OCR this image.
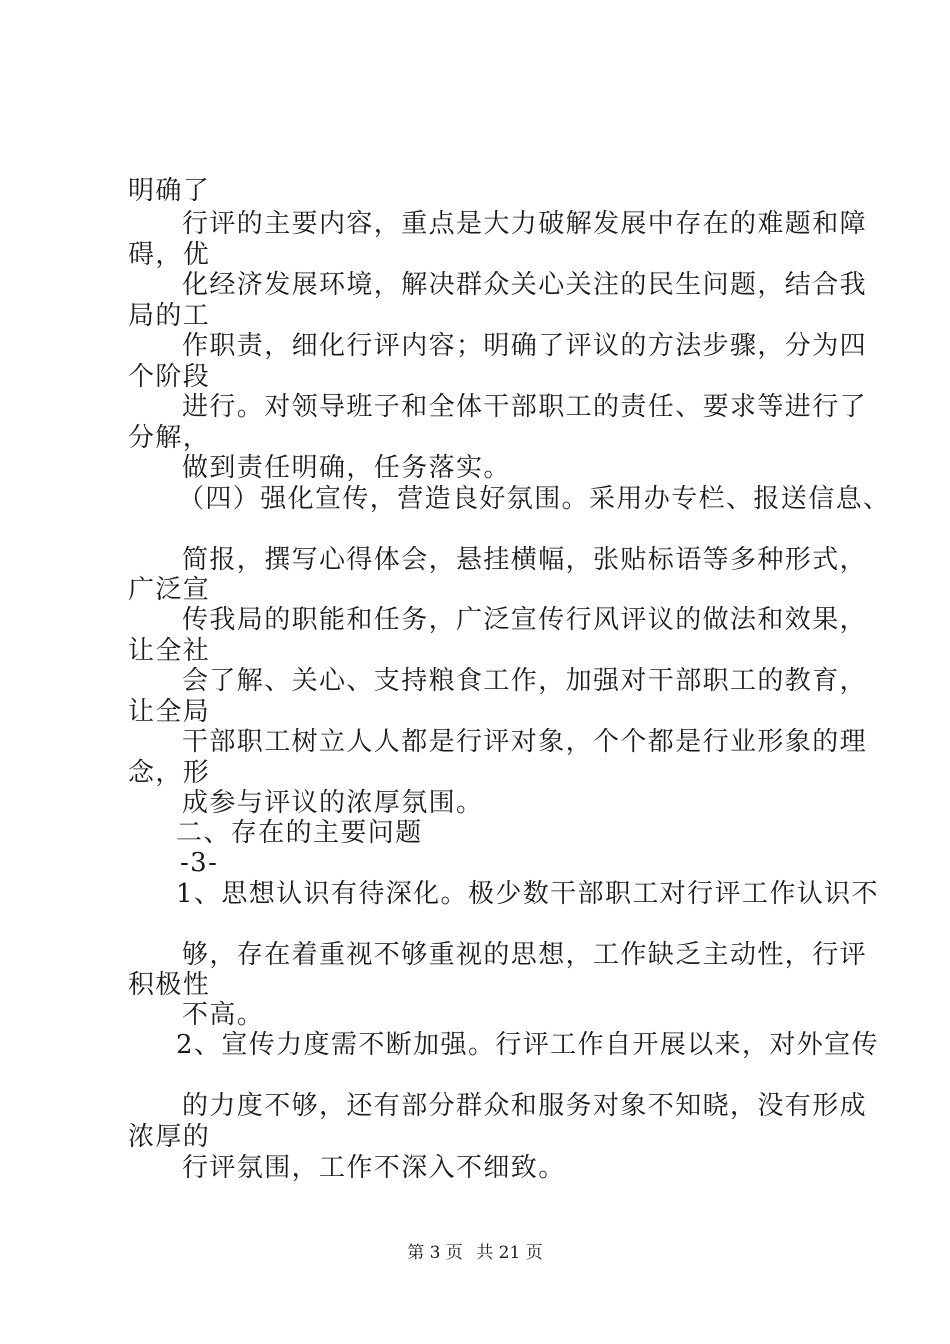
明确了
行评的主要内容，重点是大力破解发展中存在的难题和障
碍，优
化经济发展环境，解决群众关心关注的民生问题，结合我
局的工
作职责，细化行评内容；明确了评议的方法步骤，分为四
个阶段
进行。对领导班子和全体干部职工的责任、要求等进行了
分解，
做到责任明确，任务落实。
（四）强化宣传，营造良好氛围。采用办专栏、报送信息、
简报，撰写心得体会，悬挂横幅，张贴标语等多种形式，
广泛宣
传我局的职能和任务，广泛宣传行风评议的做法和效果，
让全社
会了解、关心、支持粮食工作，加强对干部职工的教育，
让全局
干部职工树立人人都是行评对象，个个都是行业形象的理
念，形
成参与评议的浓厚氛围。
二、存在的主要问题
-3-
1、思想认识有待深化。极少数干部职工对行评工作认识不
够，存在着重视不够重视的思想，工作缺乏主动性，行评
积极性
不高。
2、宣传力度需不断加强。行评工作自开展以来，对外宣传
的力度不够，还有部分群众和服务对象不知晓，没有形成
浓厚的
行评氛围，工作不深入不细致。
第 3 页 共 21 页
